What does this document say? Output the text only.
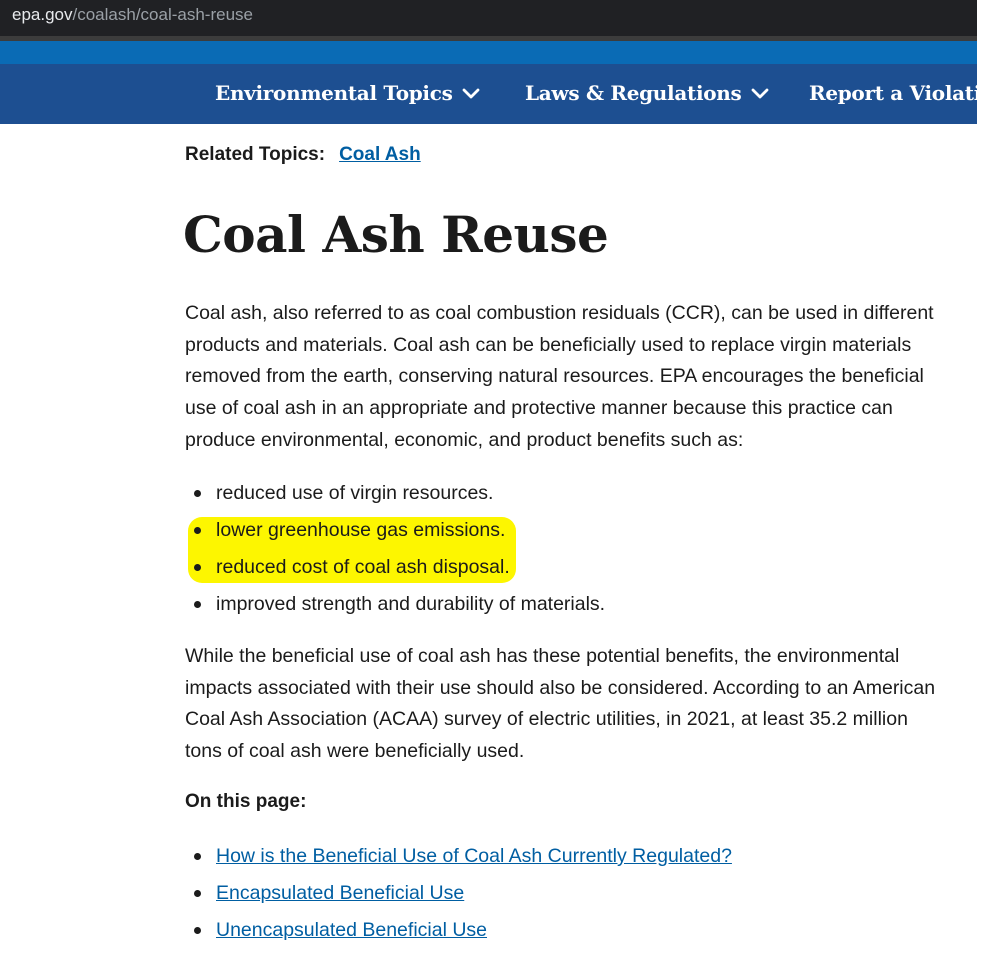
epa.gov/coalash/coal-ash-reuse
Environmental Topics	Laws & Regulations	Report a Violation
Related Topics: Coal Ash
Coal Ash Reuse

Coal ash, also referred to as coal combustion residuals (CCR), can be used in different products and materials. Coal ash can be beneficially used to replace virgin materials removed from the earth, conserving natural resources. EPA encourages the beneficial use of coal ash in an appropriate and protective manner because this practice can produce environmental, economic, and product benefits such as:

reduced use of virgin resources.
lower greenhouse gas emissions.
reduced cost of coal ash disposal.
improved strength and durability of materials.

While the beneficial use of coal ash has these potential benefits, the environmental impacts associated with their use should also be considered. According to an American Coal Ash Association (ACAA) survey of electric utilities, in 2021, at least 35.2 million tons of coal ash were beneficially used.

On this page:
How is the Beneficial Use of Coal Ash Currently Regulated?
Encapsulated Beneficial Use
Unencapsulated Beneficial Use
